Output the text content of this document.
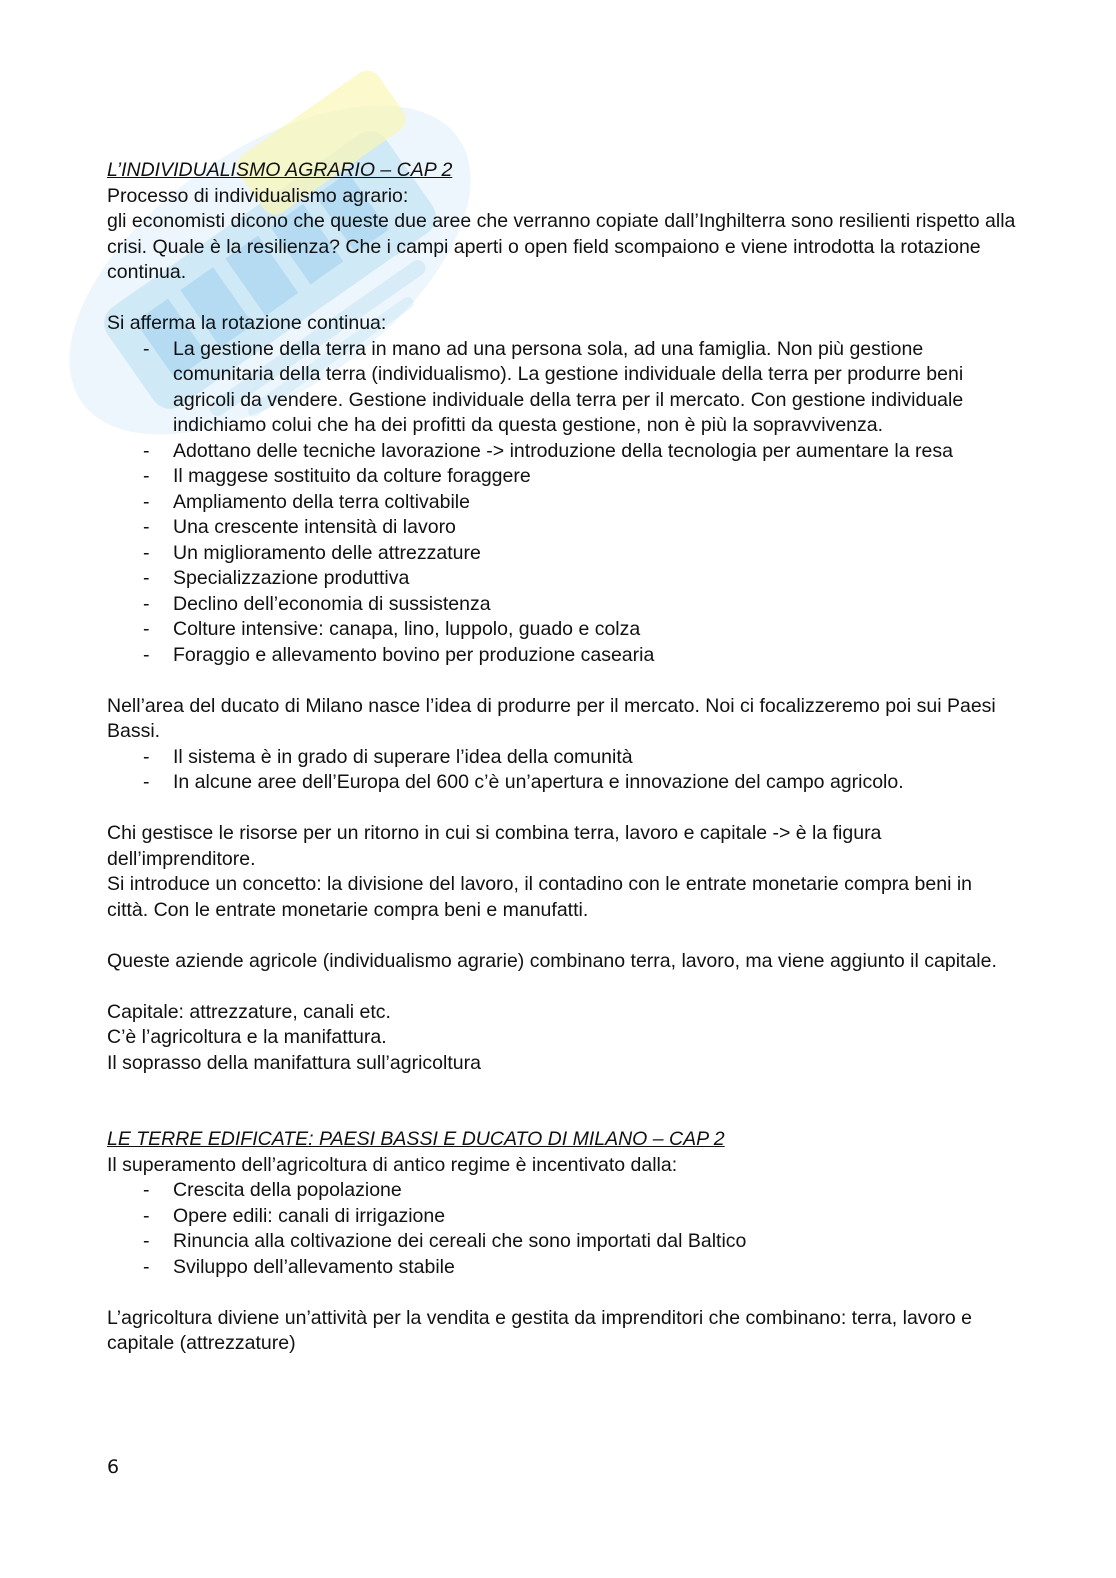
L’INDIVIDUALISMO AGRARIO – CAP 2

Processo di individualismo agrario:

gli economisti dicono che queste due aree che verranno copiate dall’Inghilterra sono resilienti rispetto alla crisi. Quale è la resilienza? Che i campi aperti o open field scompaiono e viene introdotta la rotazione continua.

Si afferma la rotazione continua:

- La gestione della terra in mano ad una persona sola, ad una famiglia. Non più gestione comunitaria della terra (individualismo). La gestione individuale della terra per produrre beni agricoli da vendere. Gestione individuale della terra per il mercato. Con gestione individuale indichiamo colui che ha dei profitti da questa gestione, non è più la sopravvivenza.
- Adottano delle tecniche lavorazione -> introduzione della tecnologia per aumentare la resa
- Il maggese sostituito da colture foraggere
- Ampliamento della terra coltivabile
- Una crescente intensità di lavoro
- Un miglioramento delle attrezzature
- Specializzazione produttiva
- Declino dell’economia di sussistenza
- Colture intensive: canapa, lino, luppolo, guado e colza
- Foraggio e allevamento bovino per produzione casearia

Nell’area del ducato di Milano nasce l’idea di produrre per il mercato. Noi ci focalizzeremo poi sui Paesi Bassi.

- Il sistema è in grado di superare l’idea della comunità
- In alcune aree dell’Europa del 600 c’è un’apertura e innovazione del campo agricolo.

Chi gestisce le risorse per un ritorno in cui si combina terra, lavoro e capitale -> è la figura dell’imprenditore.

Si introduce un concetto: la divisione del lavoro, il contadino con le entrate monetarie compra beni in città. Con le entrate monetarie compra beni e manufatti.

Queste aziende agricole (individualismo agrarie) combinano terra, lavoro, ma viene aggiunto il capitale.

Capitale: attrezzature, canali etc.

C’è l’agricoltura e la manifattura.

Il soprasso della manifattura sull’agricoltura

LE TERRE EDIFICATE: PAESI BASSI E DUCATO DI MILANO – CAP 2

Il superamento dell’agricoltura di antico regime è incentivato dalla:

- Crescita della popolazione
- Opere edili: canali di irrigazione
- Rinuncia alla coltivazione dei cereali che sono importati dal Baltico
- Sviluppo dell’allevamento stabile

L’agricoltura diviene un’attività per la vendita e gestita da imprenditori che combinano: terra, lavoro e capitale (attrezzature)

6
